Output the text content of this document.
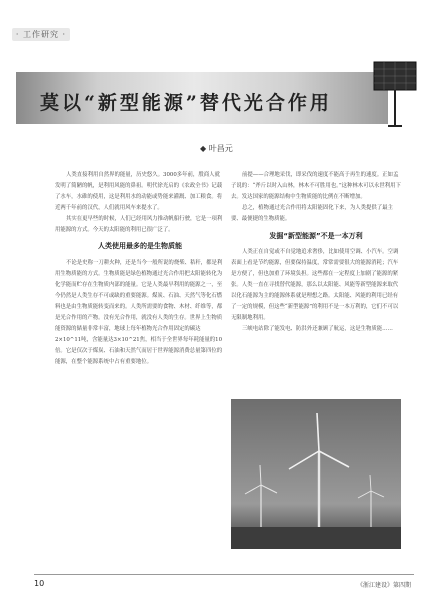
· 工作研究 ·
莫以“新型能源”替代光合作用
◆ 叶昌元

人类直接利用自然界的能量，历史悠久。3000多年前，殷商人就发明了简陋的帆，是利用风能的鼻祖。明代徐光启的《农政全书》记载了水车，水碓的使用，这是利用水的动能或势能来灌溉、加工粮食。将近两千年前的汉代，人们就用风车来提水了。

其实在更早些的时候，人们已经用风力推动帆船行驶，它是一项利用能源的方式。今天的太阳能的利用已很广泛了。

人类使用最多的是生物质能

不论是史称一刀耕火种，还是当今一般所说的烧柴、秸秆，都是利用生物质能的方式。生物质能是绿色植物通过光合作用把太阳能转化为化学能而贮存在生物质内部的能量。它是人类最早利用的能源之一，至今仍然是人类生存不可或缺的重要能源。煤炭、石油、天然气等化石燃料也是由生物质能转变而来的。人类所需要的食物、木材、纤维等，都是光合作用的产物。没有光合作用，就没有人类的生存。世界上生物质能资源的储量非常丰富，地球上每年植物光合作用固定的碳达2×10^11吨，含能量达3×10^21焦，相当于全世界每年耗能量的10倍。它是仅次于煤炭、石油和天然气而居于世界能源消费总量第四位的能源，在整个能源系统中占有重要地位。

前提——合理地采伐，即采伐的速度不能高于再生的速度。正如孟子说的：“斧斤以时入山林，林木不可胜用也。”这种林木可以永世利用下去。发达国家的能源结构中生物质能的比例在不断增加。

总之，植物通过光合作用将太阳能固化下来，为人类提供了最主要、最便捷的生物质能。

发掘“新型能源”不是一本万利

人类正在自觉或不自觉地追求奢侈，比如使用空调、小汽车。空调表面上看是节约能源，但要保持温度，常常需要很大的能源消耗；汽车是方便了，但也加重了环境负担。这些都在一定程度上加剧了能源的紧张。人类一直在寻找替代能源，那么以太阳能、风能等新型能源来取代以化石能源为主的能源体系就是理想之路。太阳能、风能的利用已经有了一定的规模，但这些“新型能源”的利用不是一本万利的，它们不可以无限制地利用。

三峡电站除了能发电、防洪外还兼顾了航运，这是生物质能……

10	《浙江建设》第四期
